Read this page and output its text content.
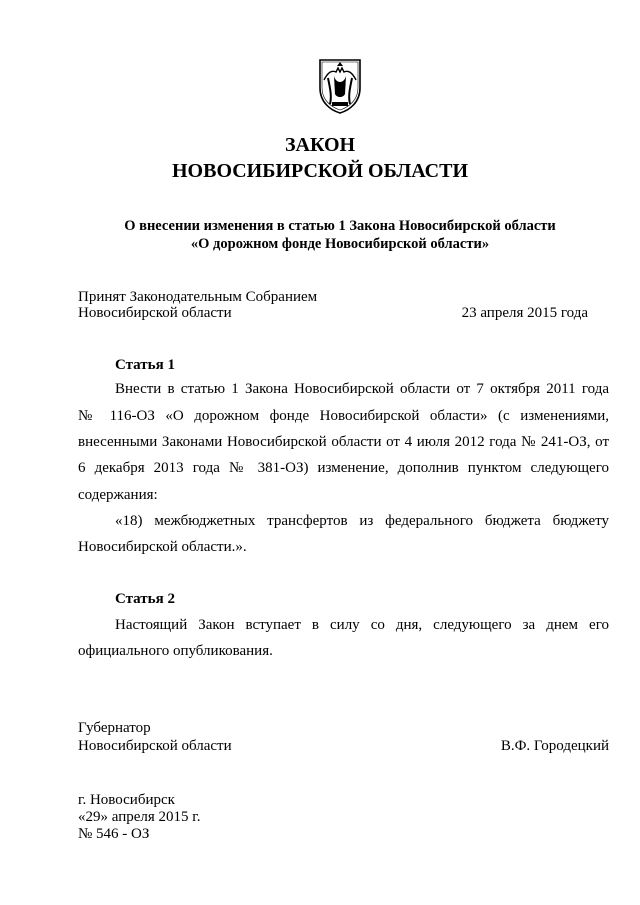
ЗАКОН
НОВОСИБИРСКОЙ ОБЛАСТИ
О внесении изменения в статью 1 Закона Новосибирской области
«О дорожном фонде Новосибирской области»
Принят Законодательным Собранием
Новосибирской области	23 апреля 2015 года
Статья 1
Внести в статью 1 Закона Новосибирской области от 7 октября 2011 года
№ 116-ОЗ «О дорожном фонде Новосибирской области» (с изменениями,
внесенными Законами Новосибирской области от 4 июля 2012 года № 241-ОЗ, от
6 декабря 2013 года № 381-ОЗ) изменение, дополнив пунктом следующего
содержания:
«18) межбюджетных трансфертов из федерального бюджета бюджету
Новосибирской области.».
Статья 2
Настоящий Закон вступает в силу со дня, следующего за днем его
официального опубликования.
Губернатор
Новосибирской области	В.Ф. Городецкий
г. Новосибирск
«29» апреля 2015 г.
№ 546 - ОЗ
